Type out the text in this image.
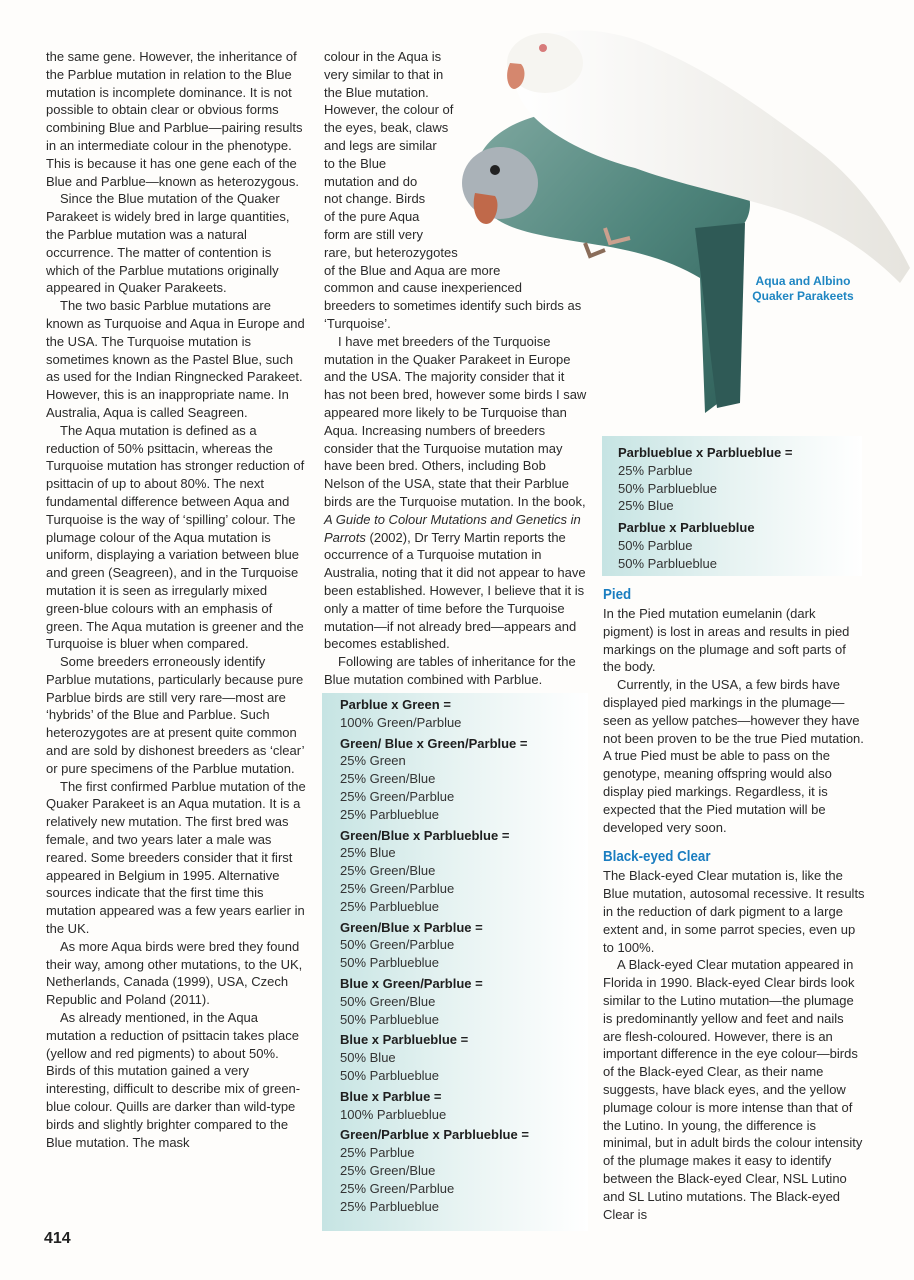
the same gene. However, the inheritance of the Parblue mutation in relation to the Blue mutation is incomplete dominance. It is not possible to obtain clear or obvious forms combining Blue and Parblue—pairing results in an intermediate colour in the phenotype. This is because it has one gene each of the Blue and Parblue—known as heterozygous.

Since the Blue mutation of the Quaker Parakeet is widely bred in large quantities, the Parblue mutation was a natural occurrence. The matter of contention is which of the Parblue mutations originally appeared in Quaker Parakeets.

The two basic Parblue mutations are known as Turquoise and Aqua in Europe and the USA. The Turquoise mutation is sometimes known as the Pastel Blue, such as used for the Indian Ringnecked Parakeet. However, this is an inappropriate name. In Australia, Aqua is called Seagreen.

The Aqua mutation is defined as a reduction of 50% psittacin, whereas the Turquoise mutation has stronger reduction of psittacin of up to about 80%. The next fundamental difference between Aqua and Turquoise is the way of ‘spilling’ colour. The plumage colour of the Aqua mutation is uniform, displaying a variation between blue and green (Seagreen), and in the Turquoise mutation it is seen as irregularly mixed green-blue colours with an emphasis of green. The Aqua mutation is greener and the Turquoise is bluer when compared.

Some breeders erroneously identify Parblue mutations, particularly because pure Parblue birds are still very rare—most are ‘hybrids’ of the Blue and Parblue. Such heterozygotes are at present quite common and are sold by dishonest breeders as ‘clear’ or pure specimens of the Parblue mutation.

The first confirmed Parblue mutation of the Quaker Parakeet is an Aqua mutation. It is a relatively new mutation. The first bred was female, and two years later a male was reared. Some breeders consider that it first appeared in Belgium in 1995. Alternative sources indicate that the first time this mutation appeared was a few years earlier in the UK.

As more Aqua birds were bred they found their way, among other mutations, to the UK, Netherlands, Canada (1999), USA, Czech Republic and Poland (2011).

As already mentioned, in the Aqua mutation a reduction of psittacin takes place (yellow and red pigments) to about 50%. Birds of this mutation gained a very interesting, difficult to describe mix of green-blue colour. Quills are darker than wild-type birds and slightly brighter compared to the Blue mutation. The mask

colour in the Aqua is very similar to that in the Blue mutation. However, the colour of the eyes, beak, claws and legs are similar to the Blue mutation and do not change. Birds of the pure Aqua form are still very rare, but heterozygotes of the Blue and Aqua are more common and cause inexperienced breeders to sometimes identify such birds as ‘Turquoise’.

I have met breeders of the Turquoise mutation in the Quaker Parakeet in Europe and the USA. The majority consider that it has not been bred, however some birds I saw appeared more likely to be Turquoise than Aqua. Increasing numbers of breeders consider that the Turquoise mutation may have been bred. Others, including Bob Nelson of the USA, state that their Parblue birds are the Turquoise mutation. In the book, A Guide to Colour Mutations and Genetics in Parrots (2002), Dr Terry Martin reports the occurrence of a Turquoise mutation in Australia, noting that it did not appear to have been established. However, I believe that it is only a matter of time before the Turquoise mutation—if not already bred—appears and becomes established.

Following are tables of inheritance for the Blue mutation combined with Parblue.

Parblue x Green =
100% Green/Parblue
Green/ Blue x Green/Parblue =
25% Green
25% Green/Blue
25% Green/Parblue
25% Parblueblue
Green/Blue x Parblueblue =
25% Blue
25% Green/Blue
25% Green/Parblue
25% Parblueblue
Green/Blue x Parblue =
50% Green/Parblue
50% Parblueblue
Blue x Green/Parblue =
50% Green/Blue
50% Parblueblue
Blue x Parblueblue =
50% Blue
50% Parblueblue
Blue x Parblue =
100% Parblueblue
Green/Parblue x Parblueblue =
25% Parblue
25% Green/Blue
25% Green/Parblue
25% Parblueblue
Aqua and Albino Quaker Parakeets
Parblueblue x Parblueblue =
25% Parblue
50% Parblueblue
25% Blue
Parblue x Parblueblue
50% Parblue
50% Parblueblue
Pied

In the Pied mutation eumelanin (dark pigment) is lost in areas and results in pied markings on the plumage and soft parts of the body.

Currently, in the USA, a few birds have displayed pied markings in the plumage—seen as yellow patches—however they have not been proven to be the true Pied mutation. A true Pied must be able to pass on the genotype, meaning offspring would also display pied markings. Regardless, it is expected that the Pied mutation will be developed very soon.

Black-eyed Clear

The Black-eyed Clear mutation is, like the Blue mutation, autosomal recessive. It results in the reduction of dark pigment to a large extent and, in some parrot species, even up to 100%.

A Black-eyed Clear mutation appeared in Florida in 1990. Black-eyed Clear birds look similar to the Lutino mutation—the plumage is predominantly yellow and feet and nails are flesh-coloured. However, there is an important difference in the eye colour—birds of the Black-eyed Clear, as their name suggests, have black eyes, and the yellow plumage colour is more intense than that of the Lutino. In young, the difference is minimal, but in adult birds the colour intensity of the plumage makes it easy to identify between the Black-eyed Clear, NSL Lutino and SL Lutino mutations. The Black-eyed Clear is

414
